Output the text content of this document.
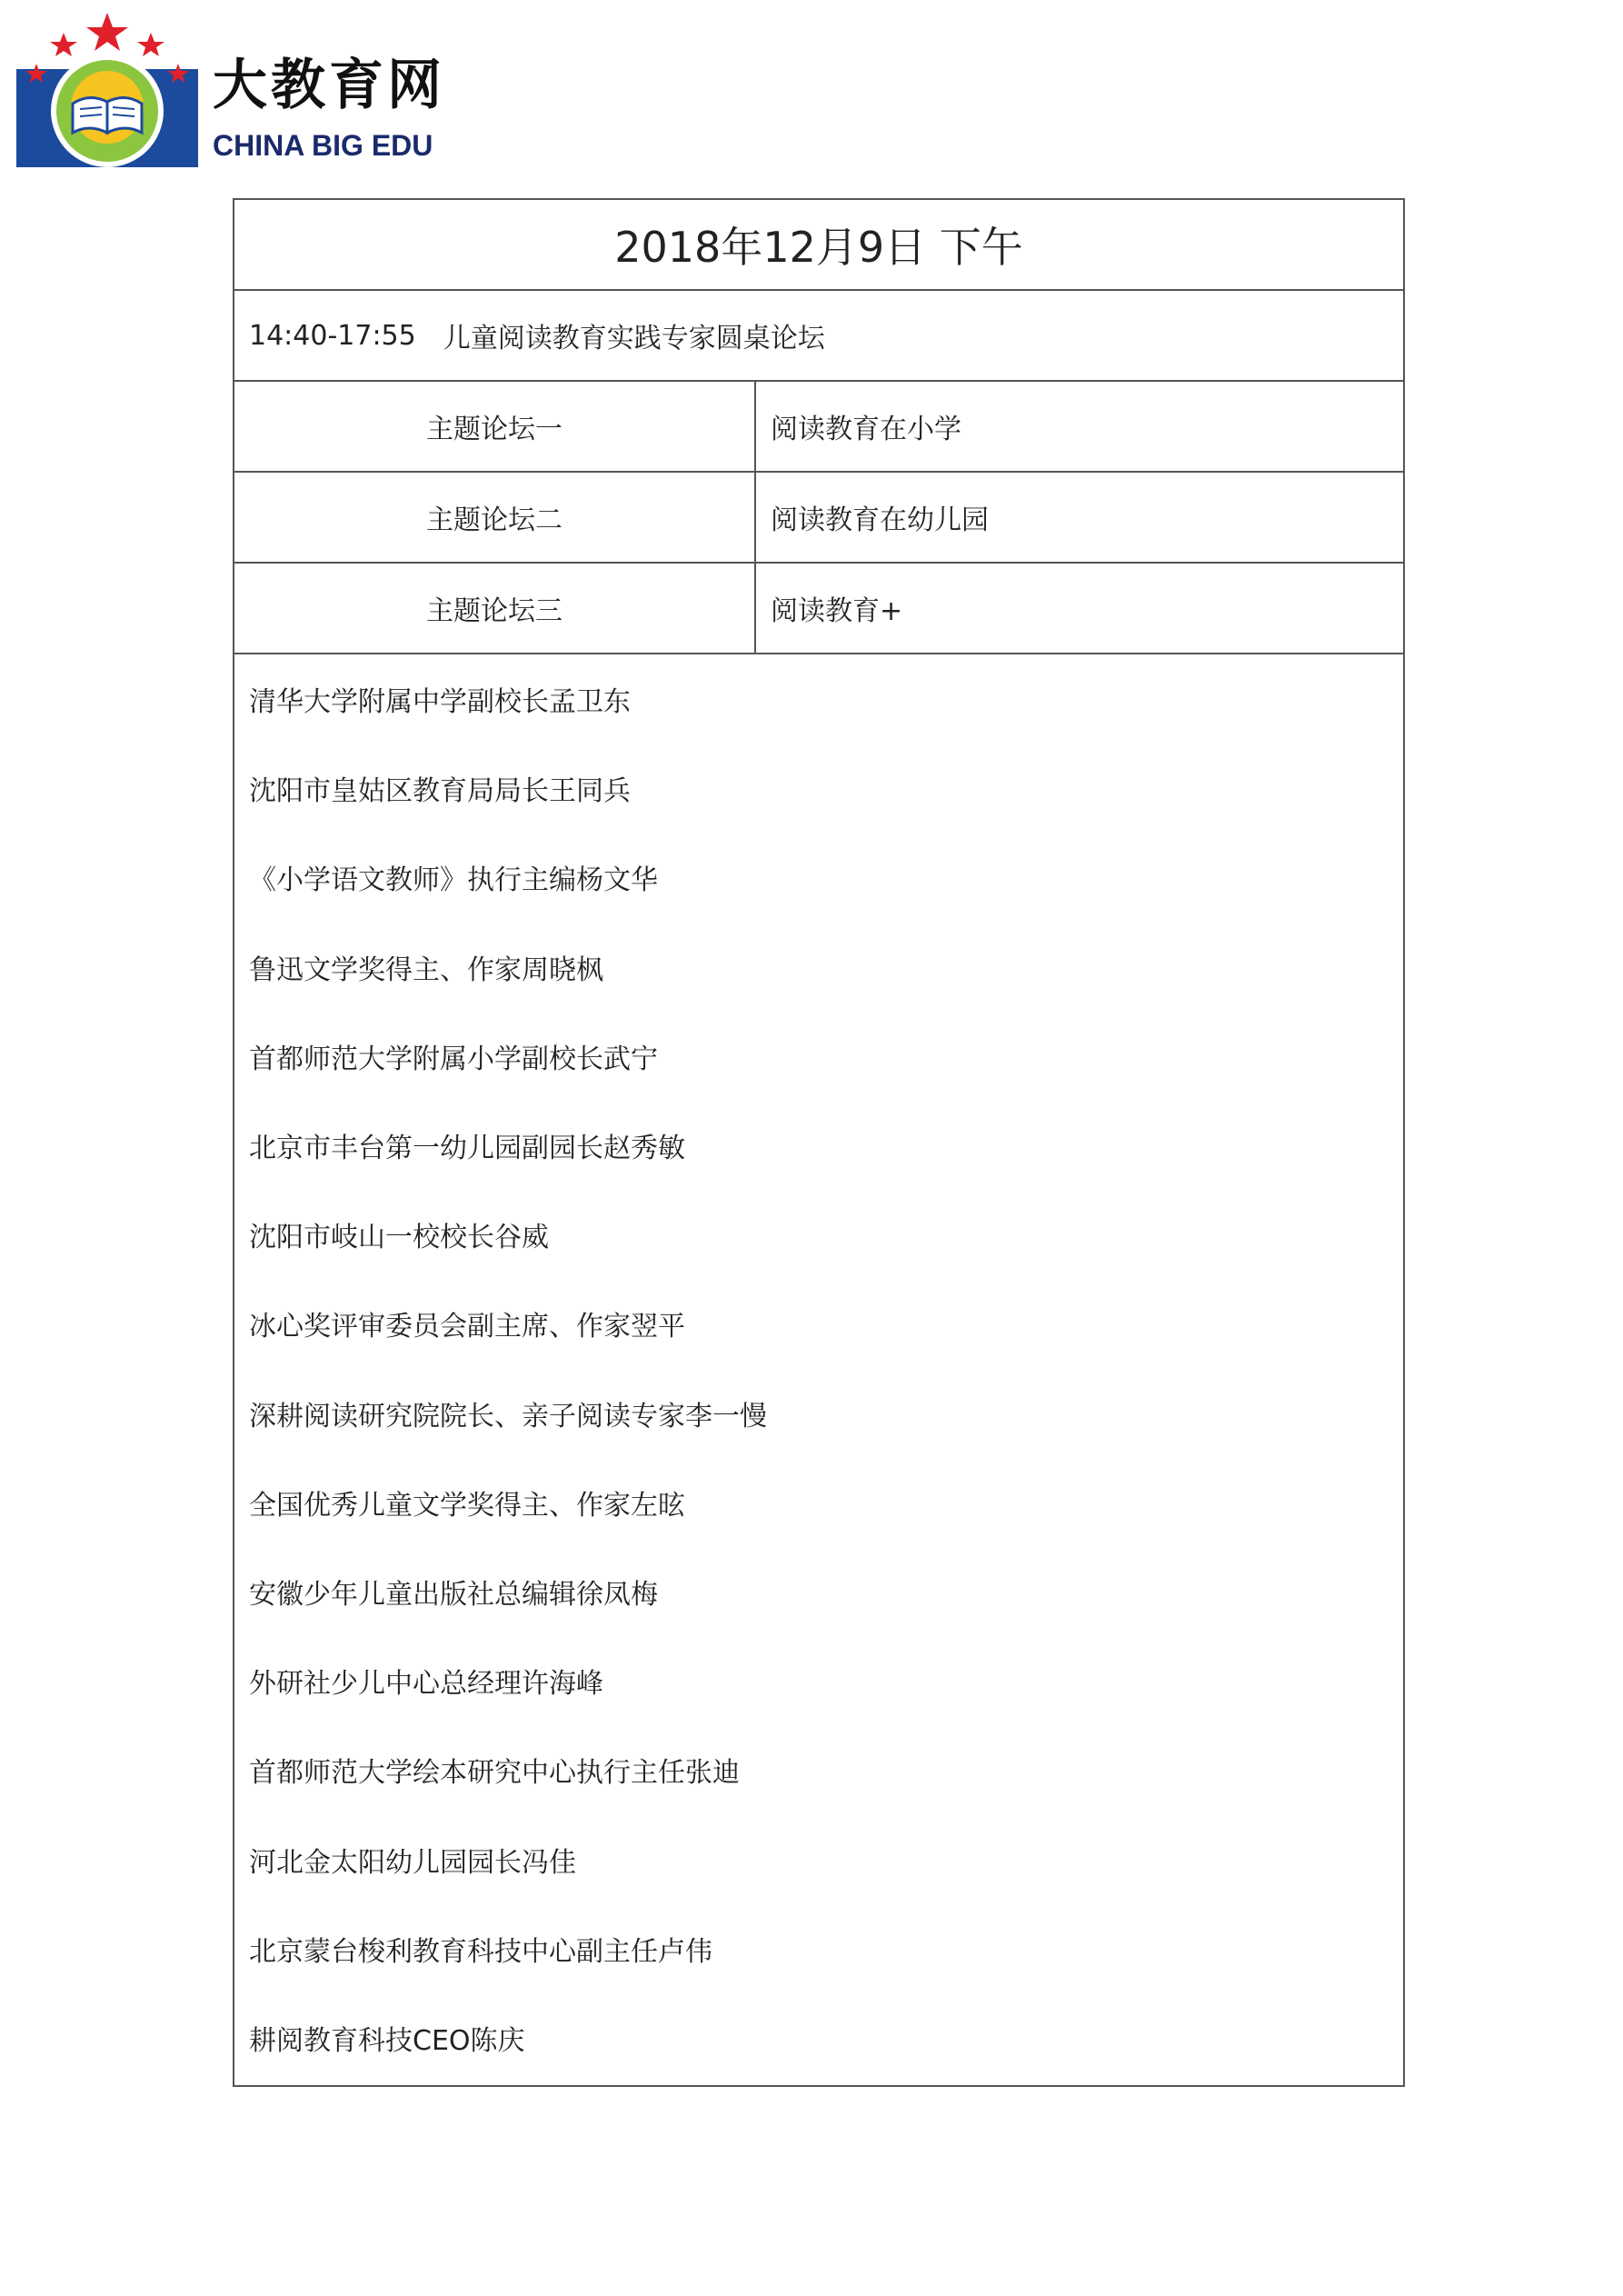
大教育网
CHINA BIG EDU
2018年12月9日 下午
14:40-17:55 儿童阅读教育实践专家圆桌论坛
主题论坛一	阅读教育在小学
主题论坛二	阅读教育在幼儿园
主题论坛三	阅读教育+
清华大学附属中学副校长孟卫东
沈阳市皇姑区教育局局长王同兵
《小学语文教师》执行主编杨文华
鲁迅文学奖得主、作家周晓枫
首都师范大学附属小学副校长武宁
北京市丰台第一幼儿园副园长赵秀敏
沈阳市岐山一校校长谷威
冰心奖评审委员会副主席、作家翌平
深耕阅读研究院院长、亲子阅读专家李一慢
全国优秀儿童文学奖得主、作家左昡
安徽少年儿童出版社总编辑徐凤梅
外研社少儿中心总经理许海峰
首都师范大学绘本研究中心执行主任张迪
河北金太阳幼儿园园长冯佳
北京蒙台梭利教育科技中心副主任卢伟
耕阅教育科技CEO陈庆
